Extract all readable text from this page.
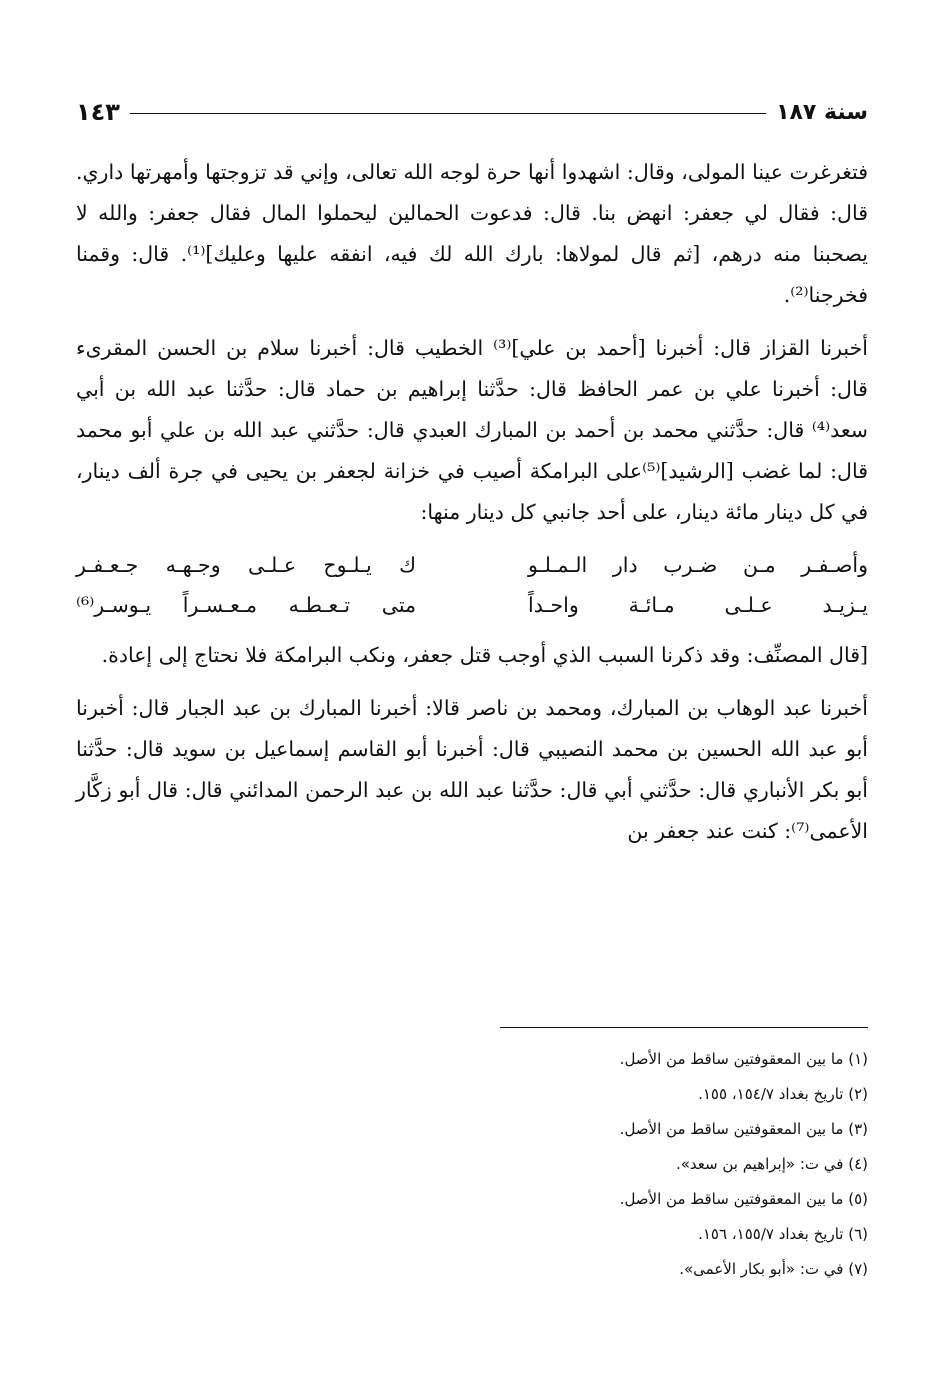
سنة ١٨٧
١٤٣

فتغرغرت عينا المولى، وقال: اشهدوا أنها حرة لوجه الله تعالى، وإني قد تزوجتها وأمهرتها داري. قال: فقال لي جعفر: انهض بنا. قال: فدعوت الحمالين ليحملوا المال فقال جعفر: والله لا يصحبنا منه درهم، [ثم قال لمولاها: بارك الله لك فيه، انفقه عليها وعليك]⁽¹⁾. قال: وقمنا فخرجنا⁽²⁾.

أخبرنا القزاز قال: أخبرنا [أحمد بن علي]⁽³⁾ الخطيب قال: أخبرنا سلام بن الحسن المقرىء قال: أخبرنا علي بن عمر الحافظ قال: حدَّثنا إبراهيم بن حماد قال: حدَّثنا عبد الله بن أبي سعد⁽⁴⁾ قال: حدَّثني محمد بن أحمد بن المبارك العبدي قال: حدَّثني عبد الله بن علي أبو محمد قال: لما غضب [الرشيد]⁽⁵⁾على البرامكة أصيب في خزانة لجعفر بن يحيى في جرة ألف دينار، في كل دينار مائة دينار، على أحد جانبي كل دينار منها:

وأصـفـر مـن ضـرب دار الـمـلـو
ك يـلـوح عـلـى وجـهـه جـعـفـر
يـزيـد عـلـى مـائـة واحـداً
متى تـعـطـه مـعـسـراً يـوسـر⁽⁶⁾

[قال المصنِّف: وقد ذكرنا السبب الذي أوجب قتل جعفر، ونكب البرامكة فلا نحتاج إلى إعادة.

أخبرنا عبد الوهاب بن المبارك، ومحمد بن ناصر قالا: أخبرنا المبارك بن عبد الجبار قال: أخبرنا أبو عبد الله الحسين بن محمد النصيبي قال: أخبرنا أبو القاسم إسماعيل بن سويد قال: حدَّثنا أبو بكر الأنباري قال: حدَّثني أبي قال: حدَّثنا عبد الله بن عبد الرحمن المدائني قال: قال أبو زكَّار الأعمى⁽⁷⁾: كنت عند جعفر بن

(١) ما بين المعقوفتين ساقط من الأصل.
(٢) تاريخ بغداد ١٥٤/٧، ١٥٥.
(٣) ما بين المعقوفتين ساقط من الأصل.
(٤) في ت: «إبراهيم بن سعد».
(٥) ما بين المعقوفتين ساقط من الأصل.
(٦) تاريخ بغداد ١٥٥/٧، ١٥٦.
(٧) في ت: «أبو بكار الأعمى».
